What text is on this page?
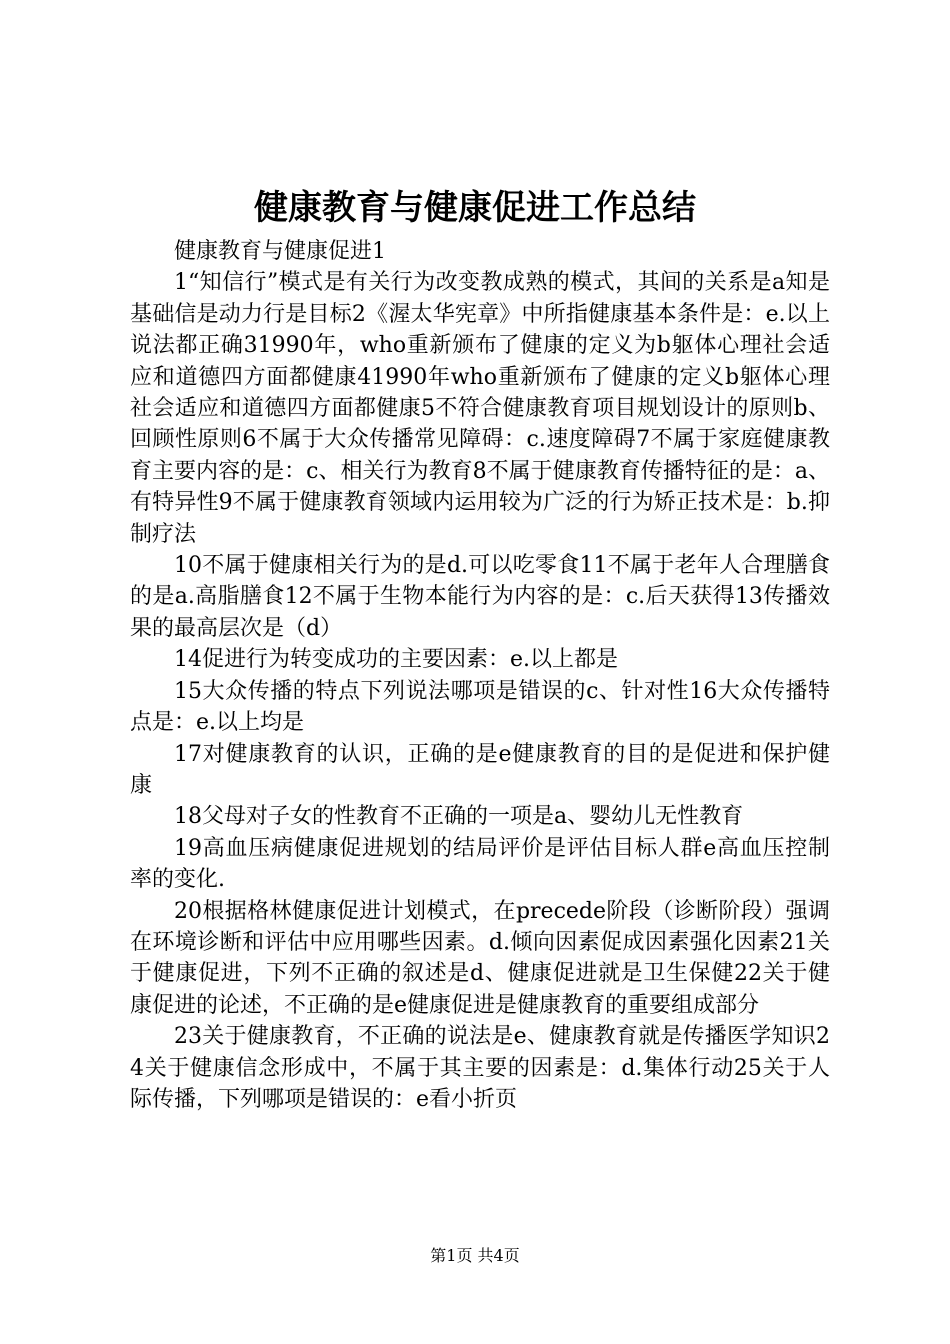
健康教育与健康促进工作总结

健康教育与健康促进1

1“知信行”模式是有关行为改变教成熟的模式，其间的关系是a知是基础信是动力行是目标2《渥太华宪章》中所指健康基本条件是：e.以上说法都正确31990年，who重新颁布了健康的定义为b躯体心理社会适应和道德四方面都健康41990年who重新颁布了健康的定义b躯体心理社会适应和道德四方面都健康5不符合健康教育项目规划设计的原则b、回顾性原则6不属于大众传播常见障碍：c.速度障碍7不属于家庭健康教育主要内容的是：c、相关行为教育8不属于健康教育传播特征的是：a、有特异性9不属于健康教育领域内运用较为广泛的行为矫正技术是：b.抑制疗法

10不属于健康相关行为的是d.可以吃零食11不属于老年人合理膳食的是a.高脂膳食12不属于生物本能行为内容的是：c.后天获得13传播效果的最高层次是（d）

14促进行为转变成功的主要因素：e.以上都是

15大众传播的特点下列说法哪项是错误的c、针对性16大众传播特点是：e.以上均是

17对健康教育的认识，正确的是e健康教育的目的是促进和保护健康

18父母对子女的性教育不正确的一项是a、婴幼儿无性教育

19高血压病健康促进规划的结局评价是评估目标人群e高血压控制率的变化.

20根据格林健康促进计划模式，在precede阶段（诊断阶段）强调在环境诊断和评估中应用哪些因素。d.倾向因素促成因素强化因素21关于健康促进，下列不正确的叙述是d、健康促进就是卫生保健22关于健康促进的论述，不正确的是e健康促进是健康教育的重要组成部分

23关于健康教育，不正确的说法是e、健康教育就是传播医学知识24关于健康信念形成中，不属于其主要的因素是：d.集体行动25关于人际传播，下列哪项是错误的：e看小折页

第1页 共4页
